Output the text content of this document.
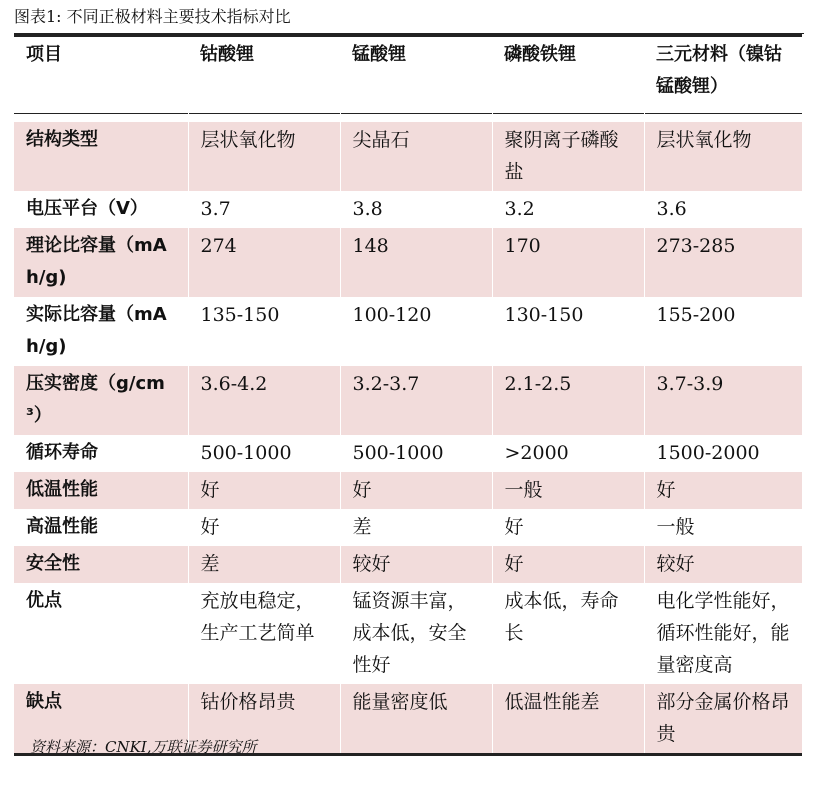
图表1: 不同正极材料主要技术指标对比
项目	钴酸锂	锰酸锂	磷酸铁锂	三元材料（镍钴锰酸锂）

结构类型	层状氧化物	尖晶石	聚阴离子磷酸盐	层状氧化物
电压平台（V）	3.7	3.8	3.2	3.6
理论比容量（mAh/g)	274	148	170	273-285
实际比容量（mAh/g)	135-150	100-120	130-150	155-200
压实密度（g/cm³）	3.6-4.2	3.2-3.7	2.1-2.5	3.7-3.9
循环寿命	500-1000	500-1000	>2000	1500-2000
低温性能	好	好	一般	好
高温性能	好	差	好	一般
安全性	差	较好	好	较好
优点	充放电稳定，生产工艺简单	锰资源丰富，成本低，安全性好	成本低，寿命长	电化学性能好，循环性能好，能量密度高
缺点	钴价格昂贵	能量密度低	低温性能差	部分金属价格昂贵
资料来源：CNKI,万联证券研究所
